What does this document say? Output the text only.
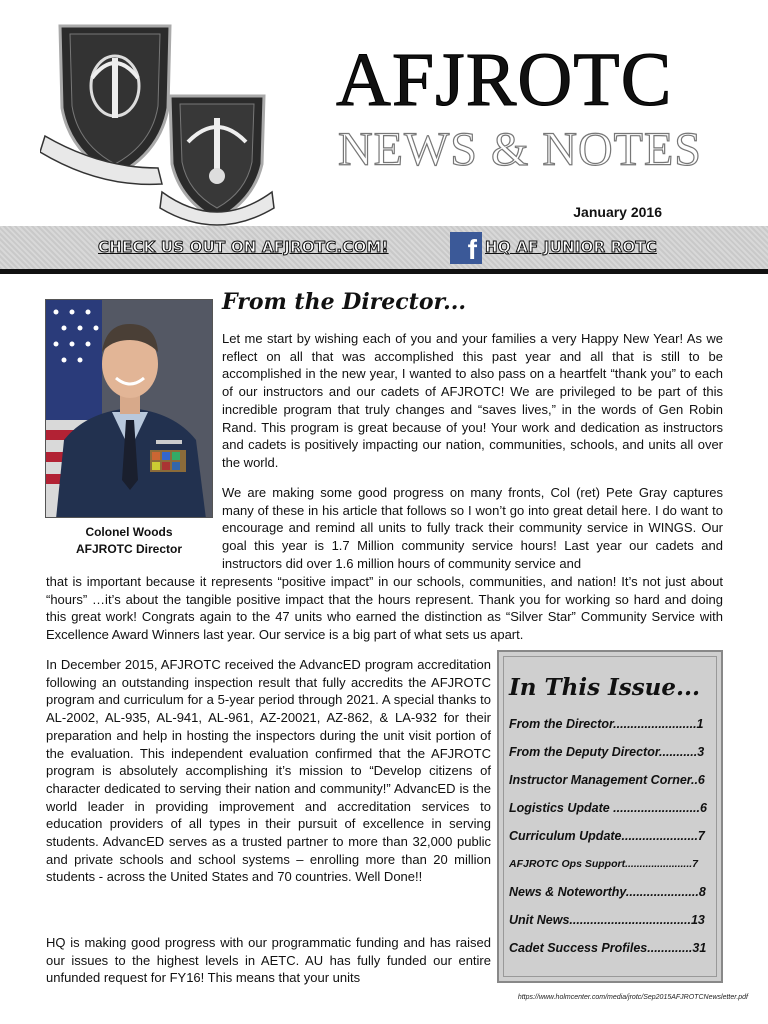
AFJROTC
NEWS & NOTES
January 2016
CHECK US OUT ON AFJROTC.COM!	f HQ AF JUNIOR ROTC
Colonel Woods
AFJROTC Director
From the Director...

Let me start by wishing each of you and your families a very Happy New Year! As we reflect on all that was accomplished this past year and all that is still to be accomplished in the new year, I wanted to also pass on a heartfelt “thank you” to each of our instructors and our cadets of AFJROTC! We are privileged to be part of this incredible program that truly changes and “saves lives,” in the words of Gen Robin Rand. This program is great because of you! Your work and dedication as instructors and cadets is positively impacting our nation, communities, schools, and units all over the world.

We are making some good progress on many fronts, Col (ret) Pete Gray captures many of these in his article that follows so I won’t go into great detail here. I do want to encourage and remind all units to fully track their community service in WINGS. Our goal this year is 1.7 Million community service hours! Last year our cadets and instructors did over 1.6 million hours of community service and

that is important because it represents “positive impact” in our schools, communities, and nation! It’s not just about “hours” …it’s about the tangible positive impact that the hours represent. Thank you for working so hard and doing this great work! Congrats again to the 47 units who earned the distinction as “Silver Star” Community Service with Excellence Award Winners last year. Our service is a big part of what sets us apart.

In December 2015, AFJROTC received the AdvancED program accreditation following an outstanding inspection result that fully accredits the AFJROTC program and curriculum for a 5-year period through 2021. A special thanks to AL-2002, AL-935, AL-941, AL-961, AZ-20021, AZ-862, & LA-932 for their preparation and help in hosting the inspectors during the unit visit portion of the evaluation. This independent evaluation confirmed that the AFJROTC program is absolutely accomplishing it’s mission to “Develop citizens of character dedicated to serving their nation and community!” AdvancED is the world leader in providing improvement and accreditation services to education providers of all types in their pursuit of excellence in serving students. AdvancED serves as a trusted partner to more than 32,000 public and private schools and school systems – enrolling more than 20 million students - across the United States and 70 countries. Well Done!!

HQ is making good progress with our programmatic funding and has raised our issues to the highest levels in AETC. AU has fully funded our entire unfunded request for FY16! This means that your units

In This Issue...
From the Director........................1
From the Deputy Director...........3
Instructor Management Corner..6
Logistics Update .........................6
Curriculum Update......................7
AFJROTC Ops Support.......................7
News & Noteworthy.....................8
Unit News...................................13
Cadet Success Profiles.............31
https://www.holmcenter.com/media/jrotc/Sep2015AFJROTCNewsletter.pdf
